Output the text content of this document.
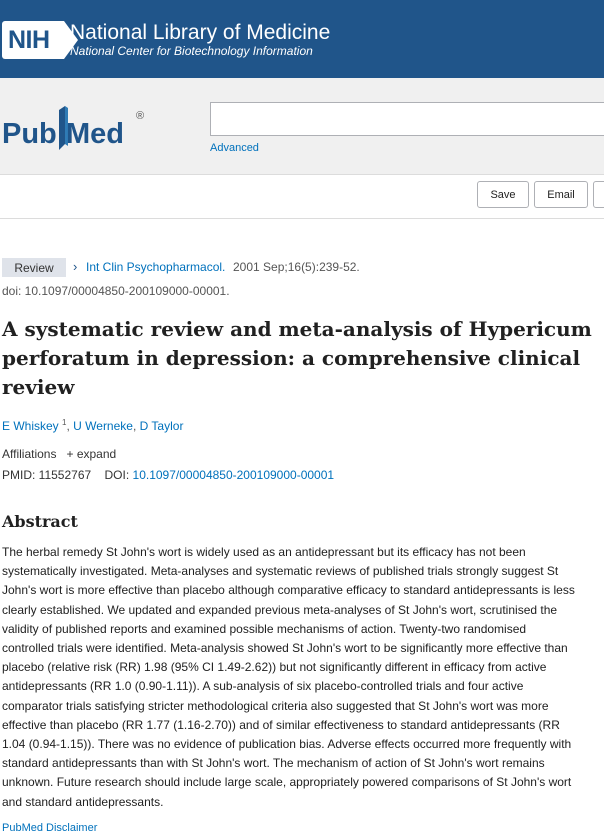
NIH National Library of Medicine
National Center for Biotechnology Information
Pub Med
®
Advanced
Save	Email
Review	› Int Clin Psychopharmacol. 2001 Sep;16(5):239-52.
doi: 10.1097/00004850-200109000-00001.
A systematic review and meta-analysis of Hypericum perforatum in depression: a comprehensive clinical review
E Whiskey $^1$, U Werneke, D Taylor
Affiliations + expand
PMID: 11552767 DOI: 10.1097/00004850-200109000-00001
Abstract

The herbal remedy St John's wort is widely used as an antidepressant but its efficacy has not been systematically investigated. Meta-analyses and systematic reviews of published trials strongly suggest St John's wort is more effective than placebo although comparative efficacy to standard antidepressants is less clearly established. We updated and expanded previous meta-analyses of St John's wort, scrutinised the validity of published reports and examined possible mechanisms of action. Twenty-two randomised controlled trials were identified. Meta-analysis showed St John's wort to be significantly more effective than placebo (relative risk (RR) 1.98 (95% CI 1.49-2.62)) but not significantly different in efficacy from active antidepressants (RR 1.0 (0.90-1.11)). A sub-analysis of six placebo-controlled trials and four active comparator trials satisfying stricter methodological criteria also suggested that St John's wort was more effective than placebo (RR 1.77 (1.16-2.70)) and of similar effectiveness to standard antidepressants (RR 1.04 (0.94-1.15)). There was no evidence of publication bias. Adverse effects occurred more frequently with standard antidepressants than with St John's wort. The mechanism of action of St John's wort remains unknown. Future research should include large scale, appropriately powered comparisons of St John's wort and standard antidepressants.

PubMed Disclaimer
